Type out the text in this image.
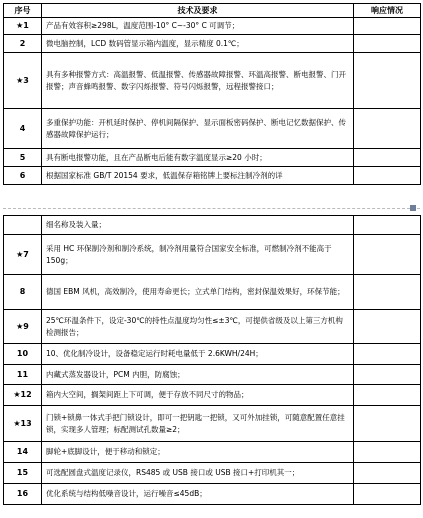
序号	技术及要求	响应情况
★1	产品有效容积≥298L，温度范围-10° C~-30° C 可调节；	
2	微电脑控制，LCD 数码管显示箱内温度，显示精度 0.1℃；	
★3	具有多种报警方式：高温报警、低温报警、传感器故障报警、环温高报警、断电报警、门开报警；声音蜂鸣报警、数字闪烁报警、符号闪烁报警，远程报警接口；	
4	多重保护功能：开机延时保护、停机间隔保护、显示面板密码保护、断电记忆数据保护、传感器故障保护运行；	
5	具有断电报警功能，且在产品断电后能有数字温度显示≥20 小时；	
6	根据国家标准 GB/T 20154 要求，低温保存箱铭牌上要标注制冷剂的详	
	细名称及装入量；	
★7	采用 HC 环保制冷剂和制冷系统，制冷剂用量符合国家安全标准，可燃制冷剂不能高于 150g；	
8	德国 EBM 风机，高效制冷，使用寿命更长；立式单门结构，密封保温效果好，环保节能；	
★9	25℃环温条件下，设定-30℃的持性点温度均匀性≤±3℃，可提供省级及以上第三方机构检测报告；	
10	10、优化制冷设计，设备稳定运行时耗电量低于 2.6KWH/24H；	
11	内藏式蒸发器设计，PCM 内胆，防腐蚀；	
★12	箱内大空间，搁架间距上下可调，便于存放不同尺寸的物品；	
★13	门锁+锁鼻一体式手把门锁设计，即可一把钥匙一把锁，又可外加挂锁，可随意配置任意挂锁，实现多人管理；标配测试孔数量≥2；	
14	脚轮+底脚设计，便于移动和锁定；	
15	可选配圆盘式温度记录仪，RS485 或 USB 接口或 USB 接口+打印机其一；	
16	优化系统与结构低噪音设计，运行噪音≤45dB；	
